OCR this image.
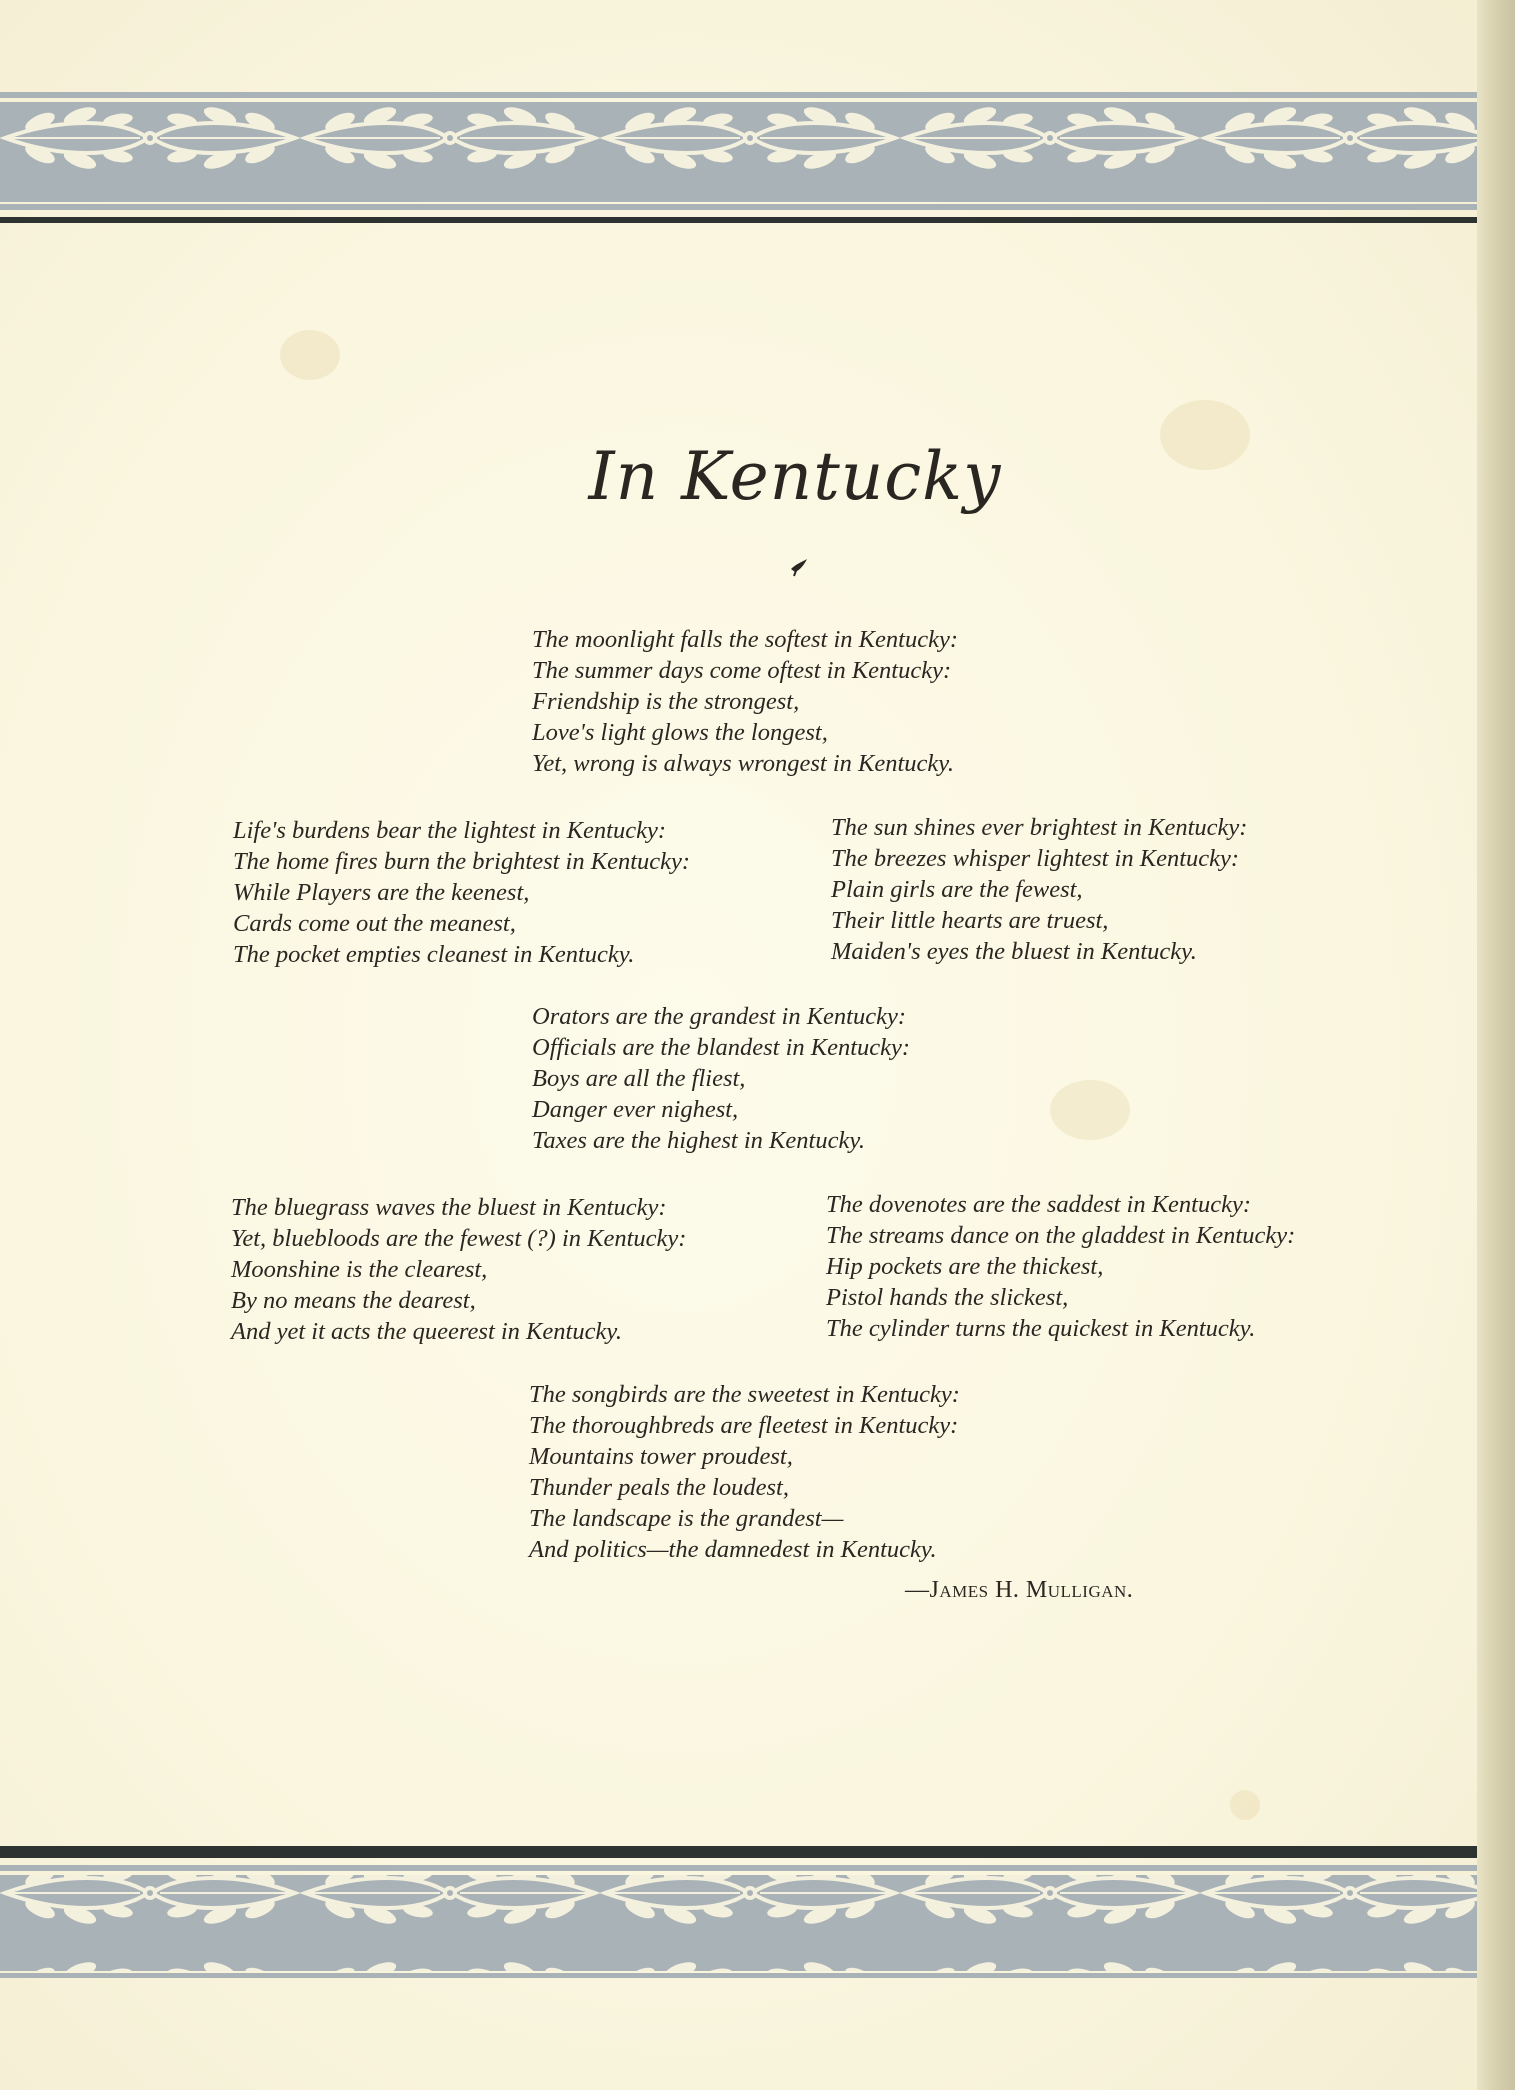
In Kentucky
The moonlight falls the softest in Kentucky:
The summer days come oftest in Kentucky:
Friendship is the strongest,
Love's light glows the longest,
Yet, wrong is always wrongest in Kentucky.
Life's burdens bear the lightest in Kentucky:
The home fires burn the brightest in Kentucky:
While Players are the keenest,
Cards come out the meanest,
The pocket empties cleanest in Kentucky.
The sun shines ever brightest in Kentucky:
The breezes whisper lightest in Kentucky:
Plain girls are the fewest,
Their little hearts are truest,
Maiden's eyes the bluest in Kentucky.
Orators are the grandest in Kentucky:
Officials are the blandest in Kentucky:
Boys are all the fliest,
Danger ever nighest,
Taxes are the highest in Kentucky.
The bluegrass waves the bluest in Kentucky:
Yet, bluebloods are the fewest (?) in Kentucky:
Moonshine is the clearest,
By no means the dearest,
And yet it acts the queerest in Kentucky.
The dovenotes are the saddest in Kentucky:
The streams dance on the gladdest in Kentucky:
Hip pockets are the thickest,
Pistol hands the slickest,
The cylinder turns the quickest in Kentucky.
The songbirds are the sweetest in Kentucky:
The thoroughbreds are fleetest in Kentucky:
Mountains tower proudest,
Thunder peals the loudest,
The landscape is the grandest—
And politics—the damnedest in Kentucky.
—James H. Mulligan.
